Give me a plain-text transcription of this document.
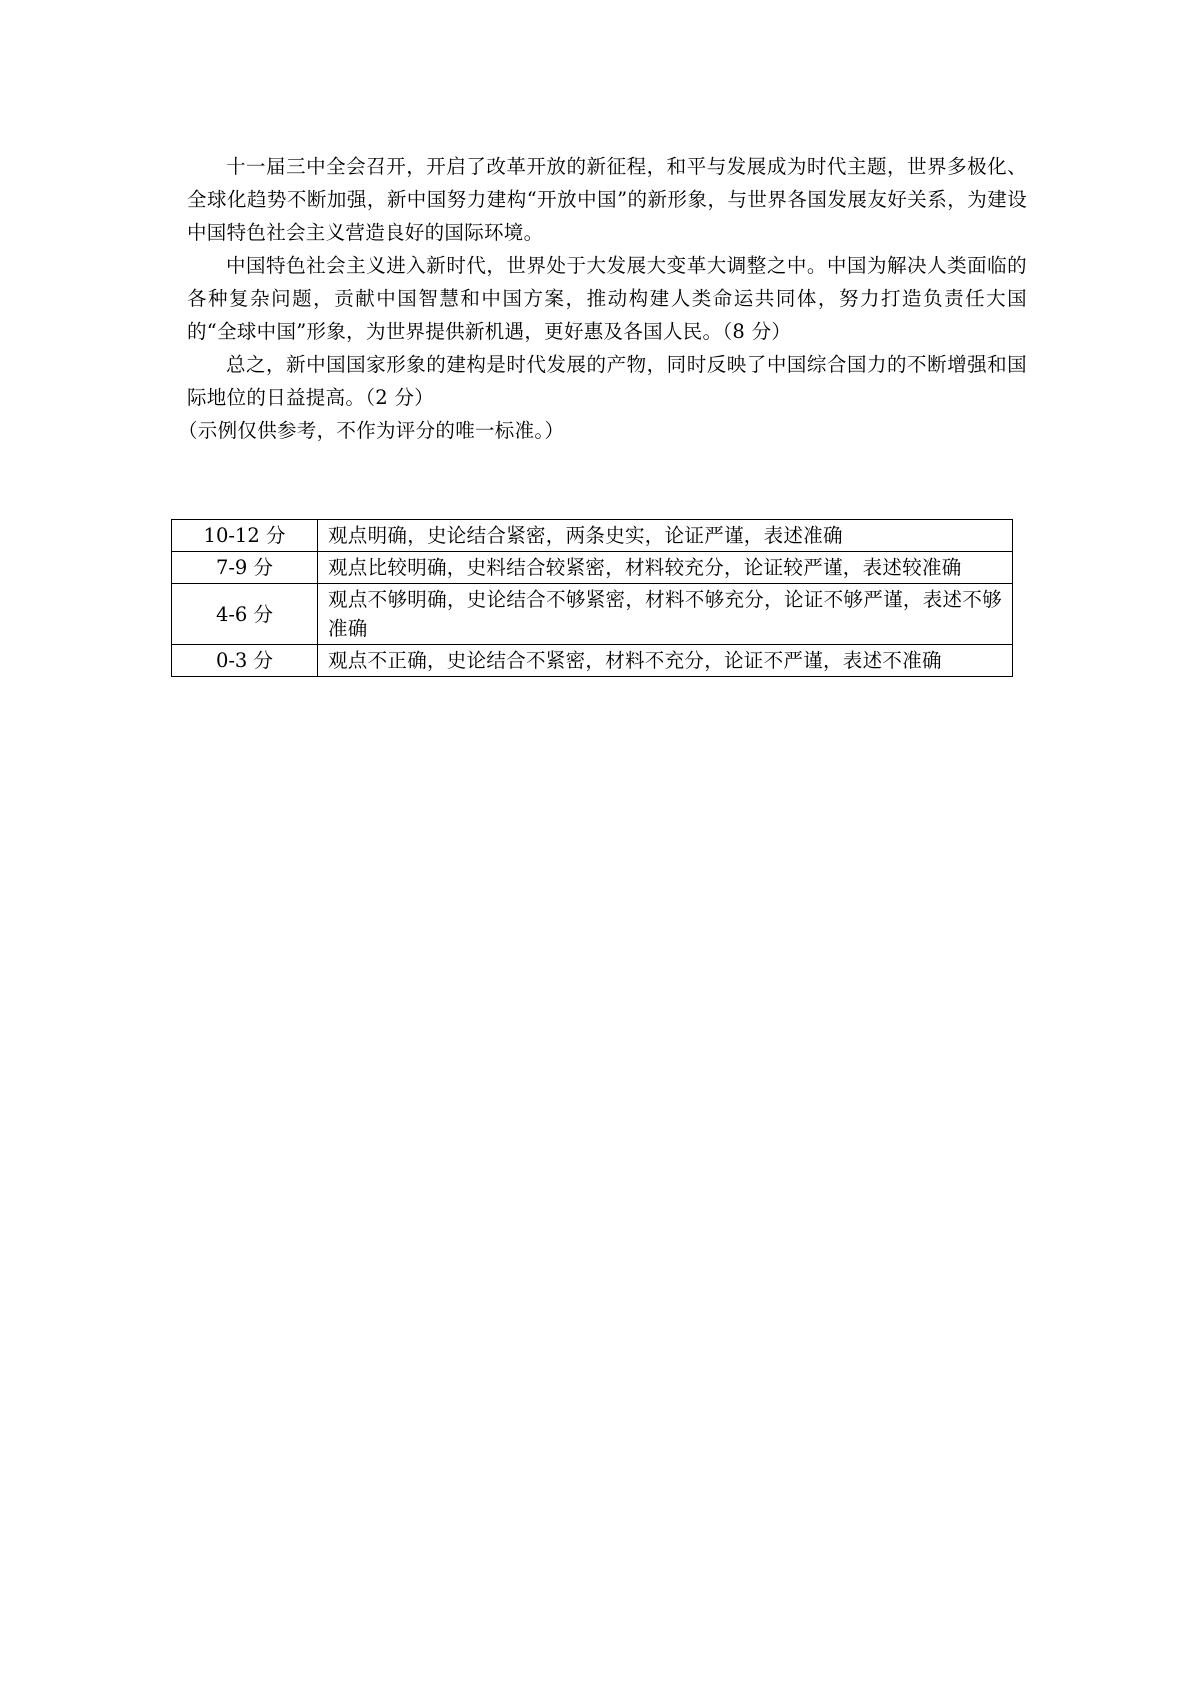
十一届三中全会召开，开启了改革开放的新征程，和平与发展成为时代主题，世界多极化、全球化趋势不断加强，新中国努力建构“开放中国”的新形象，与世界各国发展友好关系，为建设中国特色社会主义营造良好的国际环境。

中国特色社会主义进入新时代，世界处于大发展大变革大调整之中。中国为解决人类面临的各种复杂问题，贡献中国智慧和中国方案，推动构建人类命运共同体，努力打造负责任大国的“全球中国”形象，为世界提供新机遇，更好惠及各国人民。（8 分）

总之，新中国国家形象的建构是时代发展的产物，同时反映了中国综合国力的不断增强和国际地位的日益提高。（2 分）

（示例仅供参考，不作为评分的唯一标准。）

10-12 分	观点明确，史论结合紧密，两条史实，论证严谨，表述准确
7-9 分	观点比较明确，史料结合较紧密，材料较充分，论证较严谨，表述较准确
4-6 分	观点不够明确，史论结合不够紧密，材料不够充分，论证不够严谨，表述不够准确
0-3 分	观点不正确，史论结合不紧密，材料不充分，论证不严谨，表述不准确
